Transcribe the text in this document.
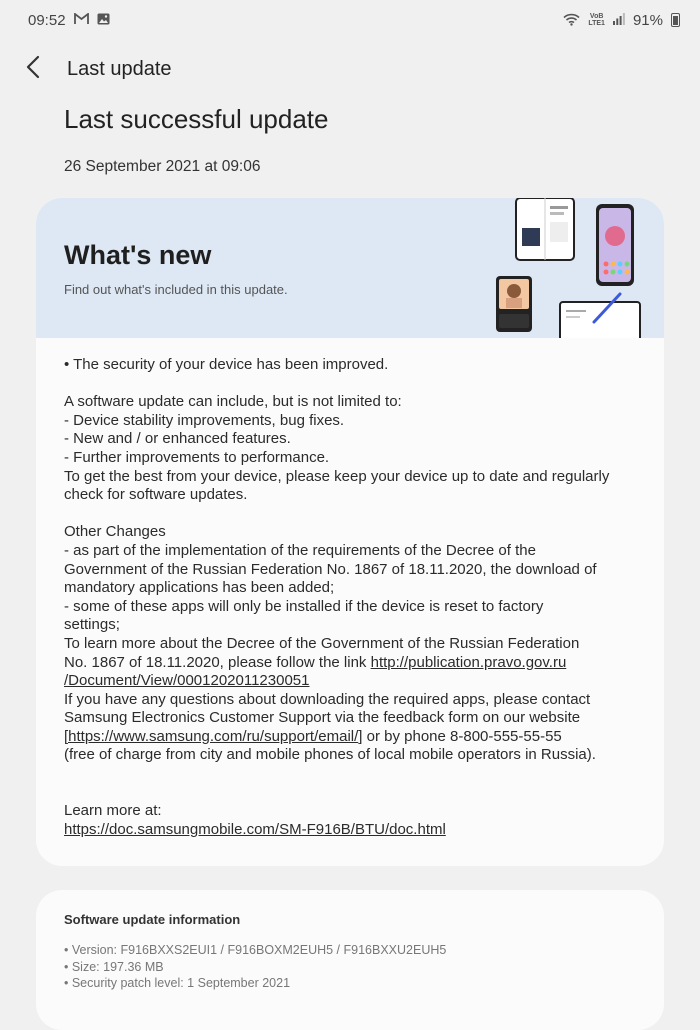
09:52	VoB
LTE1 91%
Last update
Last successful update
26 September 2021 at 09:06
What's new
Find out what's included in this update.
• The security of your device has been improved.
A software update can include, but is not limited to:
- Device stability improvements, bug fixes.
- New and / or enhanced features.
- Further improvements to performance.
To get the best from your device, please keep your device up to date and regularly
check for software updates.
Other Changes
- as part of the implementation of the requirements of the Decree of the
Government of the Russian Federation No. 1867 of 18.11.2020, the download of
mandatory applications has been added;
- some of these apps will only be installed if the device is reset to factory
settings;
To learn more about the Decree of the Government of the Russian Federation
No. 1867 of 18.11.2020, please follow the link http://publication.pravo.gov.ru
/Document/View/0001202011230051
If you have any questions about downloading the required apps, please contact
Samsung Electronics Customer Support via the feedback form on our website
[https://www.samsung.com/ru/support/email/] or by phone 8-800-555-55-55
(free of charge from city and mobile phones of local mobile operators in Russia).
Learn more at:
https://doc.samsungmobile.com/SM-F916B/BTU/doc.html
Software update information
• Version: F916BXXS2EUI1 / F916BOXM2EUH5 / F916BXXU2EUH5
• Size: 197.36 MB
• Security patch level: 1 September 2021
